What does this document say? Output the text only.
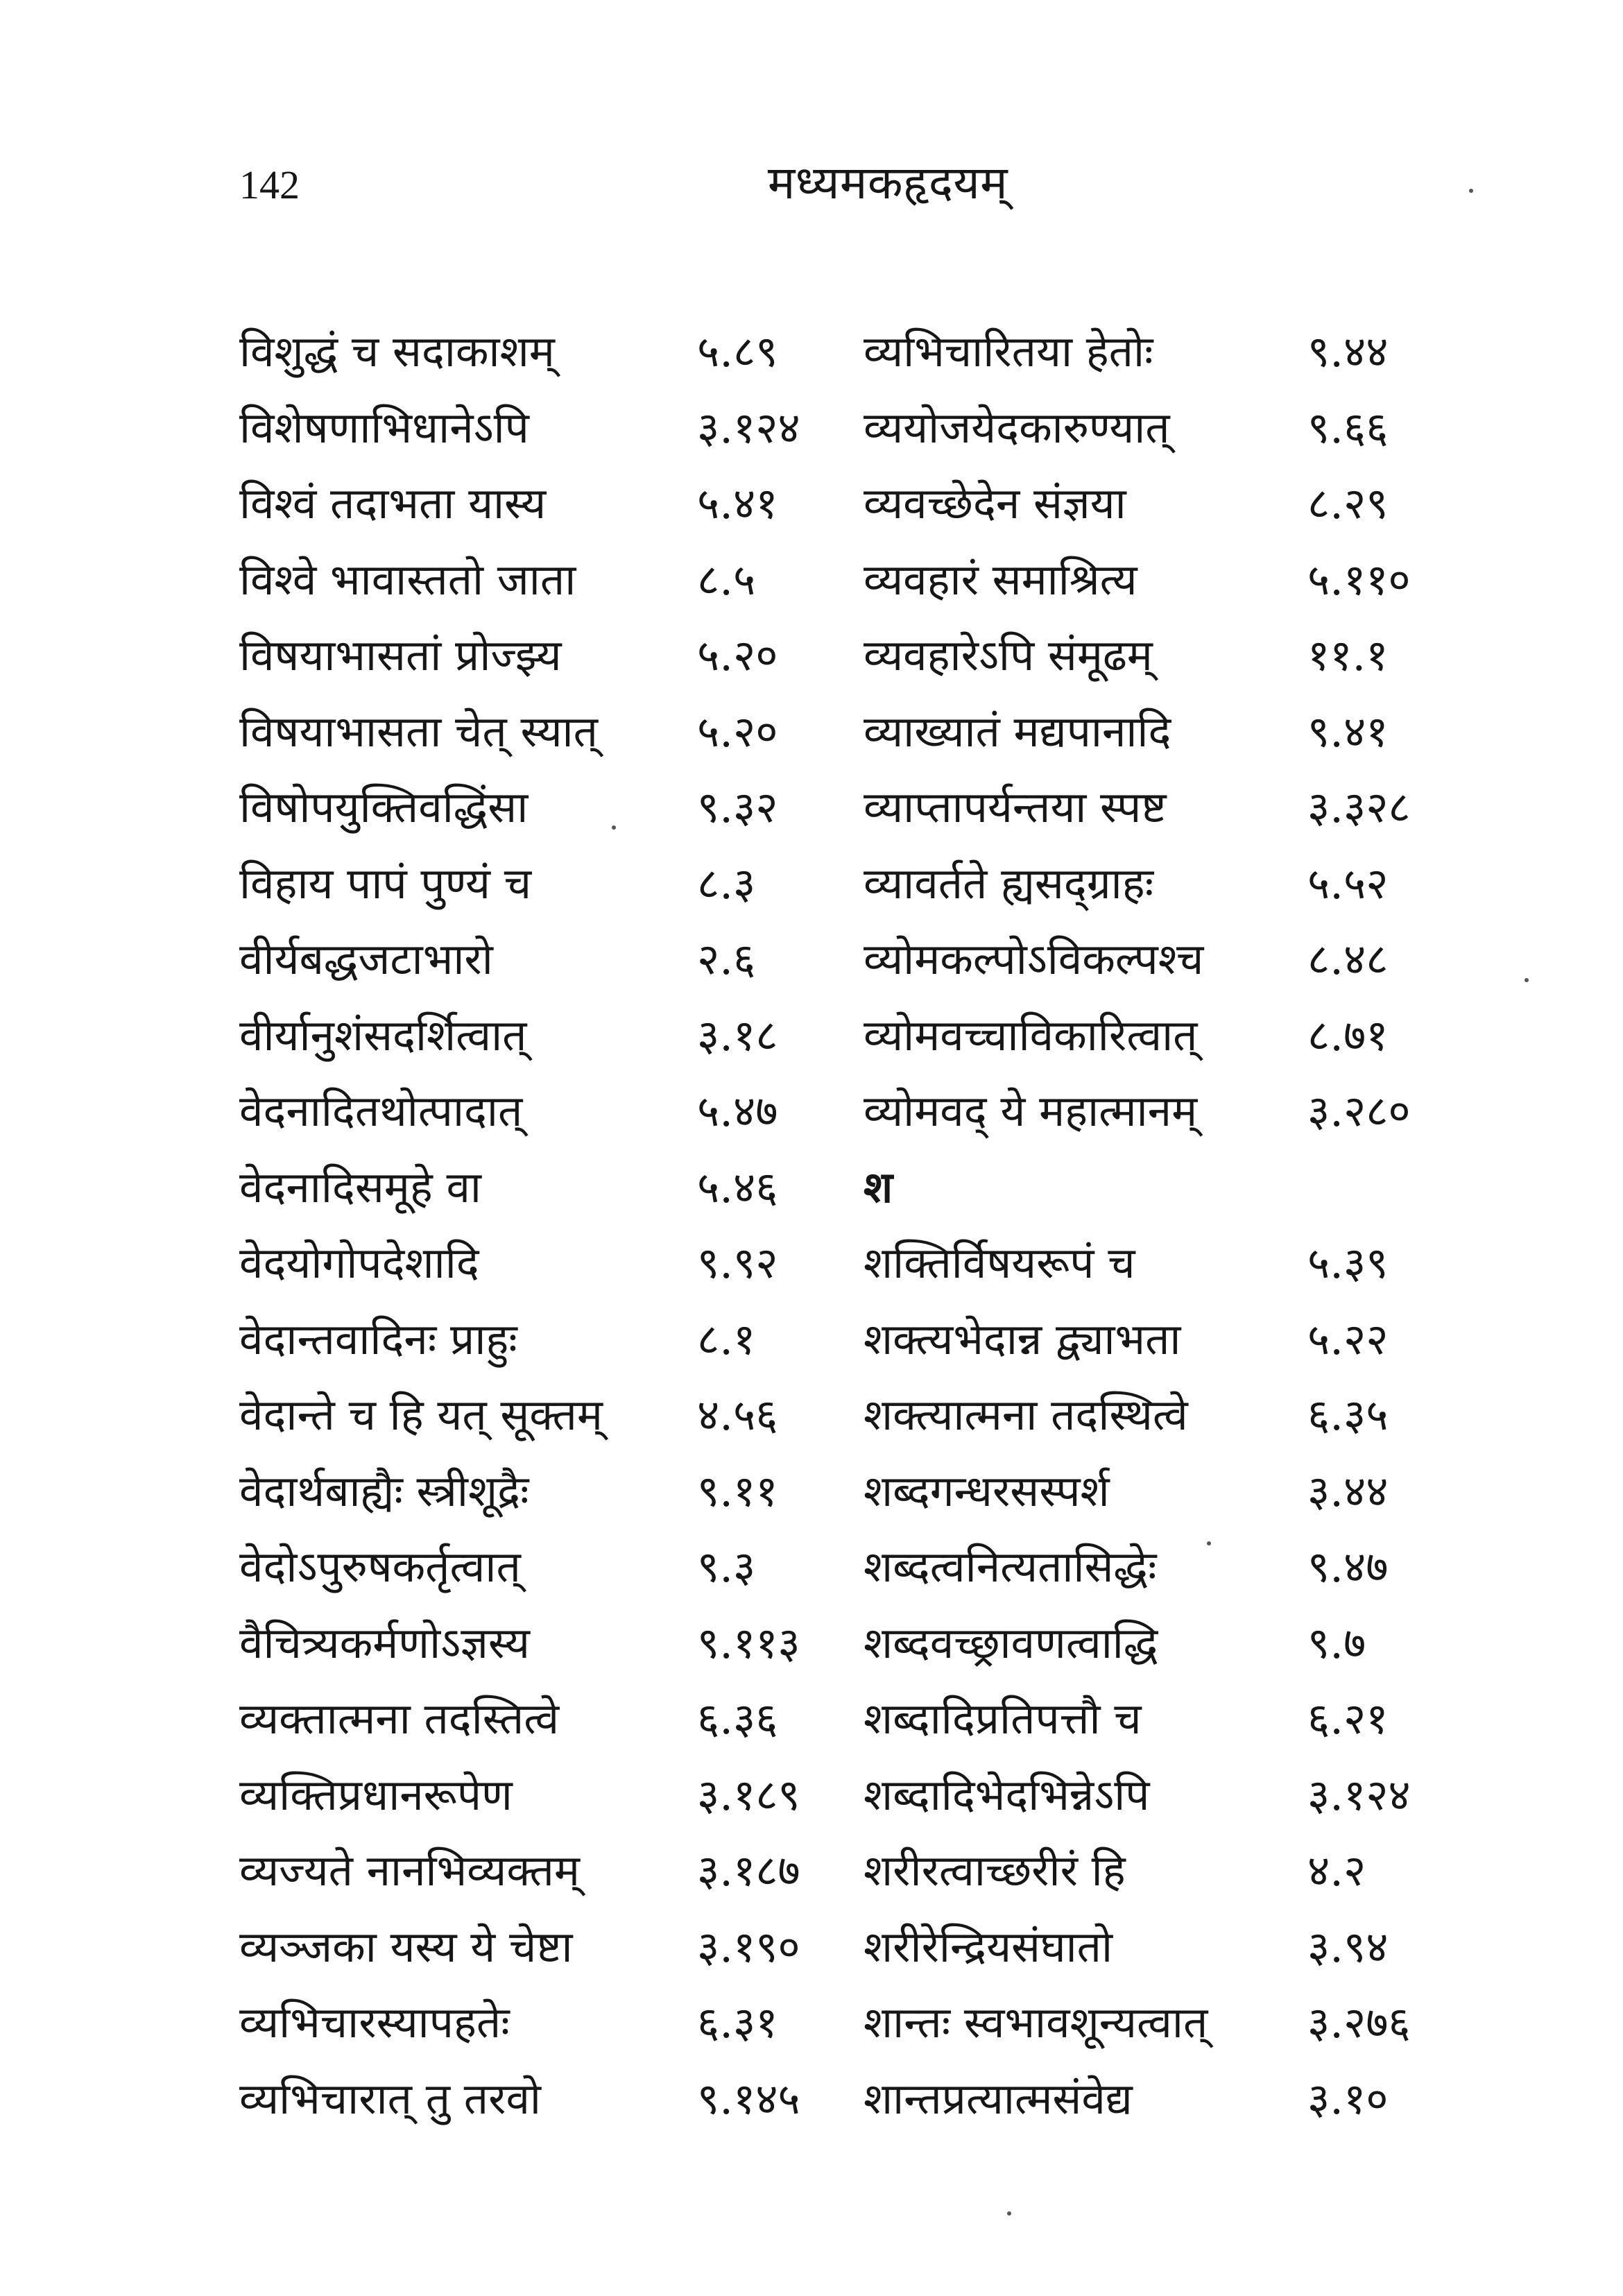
142	मध्यमकहृदयम्
विशुद्धं च सदाकाशम्	५.८९ व्यभिचारितया हेतोः	९.४४
विशेषणाभिधानेऽपि	३.१२४ व्ययोजयेदकारुण्यात्	९.६६
विश्वं तदाभता यास्य	५.४१ व्यवच्छेदेन संज्ञया	८.२९
विश्वे भावास्ततो जाता	८.५	व्यवहारं समाश्रित्य	५.११०
विषयाभासतां प्रोज्झ्य	५.२० व्यवहारेऽपि संमूढम्	११.१
विषयाभासता चेत् स्यात् ५.२० व्याख्यातं मद्यपानादि	९.४१
विषोपयुक्तिवद्धिंसा	९.३२ व्याप्तापर्यन्तया स्पष्ट	३.३२८
विहाय पापं पुण्यं च	८.३	व्यावर्तते ह्यसद्ग्राहः	५.५२
वीर्यबद्धजटाभारो	२.६	व्योमकल्पोऽविकल्पश्च ८.४८
वीर्यानुशंसदर्शित्वात्	३.१८ व्योमवच्चाविकारित्वात्	८.७१
वेदनादितथोत्पादात्	५.४७ व्योमवद् ये महात्मानम्	३.२८०
वेदनादिसमूहे वा	५.४६ श
वेदयोगोपदेशादि	९.९२ शक्तिर्विषयरूपं च	५.३९
वेदान्तवादिनः प्राहुः	८.१	शक्त्यभेदान्न द्व्याभता	५.२२
वेदान्ते च हि यत् सूक्तम् ४.५६ शक्त्यात्मना तदस्थित्वे	६.३५
वेदार्थबाह्यैः स्त्रीशूद्रैः	९.११ शब्दगन्धरसस्पर्श	३.४४
वेदोऽपुरुषकर्तृत्वात्	९.३	शब्दत्वनित्यतासिद्धेः	९.४७
वैचित्र्यकर्मणोऽज्ञस्य	९.११३ शब्दवच्छ्रावणत्वाद्धि	९.७
व्यक्तात्मना तदस्तित्वे	६.३६ शब्दादिप्रतिपत्तौ च	६.२१
व्यक्तिप्रधानरूपेण	३.१८९ शब्दादिभेदभिन्नेऽपि	३.१२४
व्यज्यते नानभिव्यक्तम्	३.१८७ शरीरत्वाच्छरीरं हि	४.२
व्यञ्जका यस्य ये चेष्टा	३.१९० शरीरेन्द्रियसंघातो	३.९४
व्यभिचारस्यापहतेः	६.३१ शान्तः स्वभावशून्यत्वात् ३.२७६
व्यभिचारात् तु तरवो	९.१४५ शान्तप्रत्यात्मसंवेद्य	३.१०
